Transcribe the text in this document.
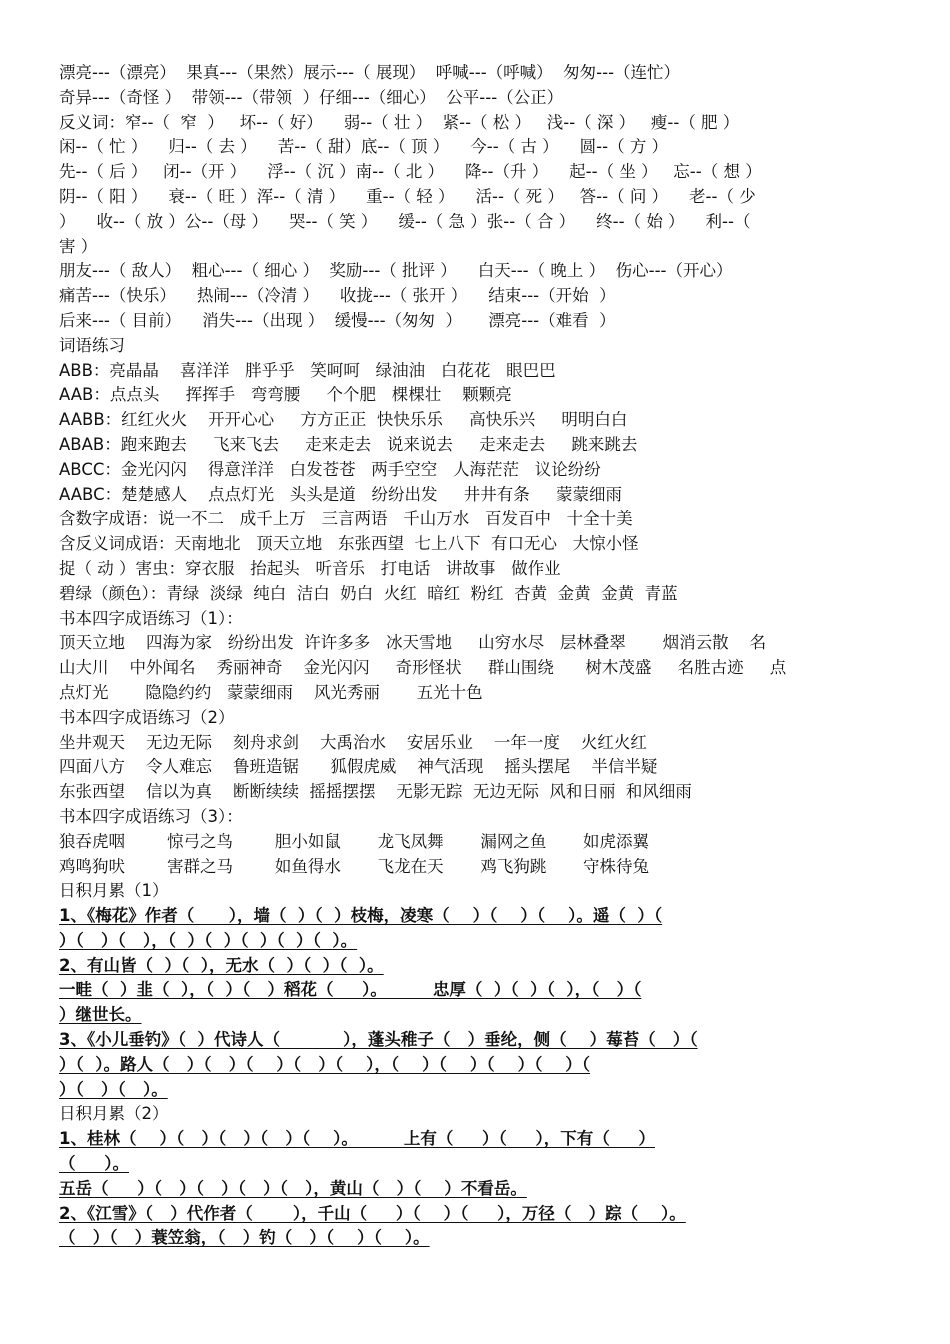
漂亮---（漂亮）  果真---（果然）展示---（ 展现）  呼喊---（呼喊）  匆匆---（连忙）
奇异---（奇怪 ）  带领---（带领  ）仔细---（细心）  公平---（公正）
反义词：窄--（  窄  ）   坏--（ 好）    弱--（ 壮 ）  紧--（ 松 ）   浅--（ 深 ）   瘦--（ 肥 ）
闲--（ 忙 ）    归--（ 去 ）    苦--（ 甜）底--（ 顶 ）    今--（ 古 ）    圆--（ 方 ）
先--（ 后 ）   闭--（开 ）    浮--（ 沉 ）南--（ 北 ）    降--（升 ）    起--（ 坐 ）   忘--（ 想 ）
阴--（ 阳 ）    衰--（ 旺 ）浑--（ 清 ）    重--（ 轻 ）    活--（ 死 ）   答--（ 问 ）    老--（ 少
）    收--（ 放 ）公--（母 ）    哭--（ 笑 ）    缓--（ 急 ）张--（ 合 ）    终--（ 始 ）    利--（
害 ）
朋友---（ 敌人）  粗心---（ 细心 ）  奖励---（ 批评 ）    白天---（ 晚上 ）  伤心---（开心）
痛苦---（快乐）    热闹---（冷清 ）    收拢---（ 张开 ）    结束---（开始  ）
后来---（ 目前）    消失---（出现 ）  缓慢---（匆匆  ）     漂亮---（难看  ）
词语练习
ABB：亮晶晶    喜洋洋   胖乎乎   笑呵呵   绿油油   白花花   眼巴巴
AAB：点点头     挥挥手   弯弯腰     个个肥   棵棵壮    颗颗亮
AABB：红红火火    开开心心     方方正正  快快乐乐     高快乐兴     明明白白
ABAB：跑来跑去     飞来飞去     走来走去   说来说去     走来走去     跳来跳去
ABCC：金光闪闪    得意洋洋   白发苍苍   两手空空   人海茫茫   议论纷纷
AABC：楚楚感人    点点灯光   头头是道   纷纷出发     井井有条     蒙蒙细雨
含数字成语：说一不二   成千上万   三言两语   千山万水   百发百中   十全十美
含反义词成语：天南地北   顶天立地   东张西望  七上八下  有口无心   大惊小怪
捉（ 动 ）害虫：穿衣服   抬起头   听音乐   打电话   讲故事   做作业
碧绿（颜色）：青绿  淡绿  纯白  洁白  奶白  火红  暗红  粉红  杏黄  金黄  金黄  青蓝
书本四字成语练习（1）：
顶天立地    四海为家   纷纷出发  许许多多   冰天雪地     山穷水尽   层林叠翠       烟消云散    名
山大川    中外闻名    秀丽神奇    金光闪闪     奇形怪状     群山围绕      树木茂盛     名胜古迹     点
点灯光       隐隐约约   蒙蒙细雨    风光秀丽       五光十色
书本四字成语练习（2）
坐井观天    无边无际    刻舟求剑    大禹治水    安居乐业    一年一度    火红火红
四面八方    令人难忘    鲁班造锯      狐假虎威    神气活现    摇头摆尾    半信半疑
东张西望    信以为真    断断续续  摇摇摆摆    无影无踪  无边无际  风和日丽  和风细雨
书本四字成语练习（3）：
狼吞虎咽        惊弓之鸟        胆小如鼠       龙飞凤舞       漏网之鱼       如虎添翼
鸡鸣狗吠        害群之马        如鱼得水       飞龙在天       鸡飞狗跳       守株待兔
日积月累（1）
1、《梅花》作者（      ），墙（  ）（  ）枝梅，凌寒（    ）（    ）（    ）。遥（  ）（
）（   ）（   ），（  ）（  ）（  ）（  ）（  ）。
2、有山皆（  ）（  ），无水（  ）（  ）（  ）。
一畦（  ）韭（  ），（  ）（   ）稻花（     ）。        忠厚（  ）（  ）（  ），（   ）（
）继世长。
3、《小儿垂钓》（  ）代诗人（           ），蓬头稚子（   ）垂纶，侧（    ）莓苔（   ）（
）（  ）。路人（   ）（   ）（    ）（   ）（    ），（    ）（    ）（    ）（    ）（
）（   ）（   ）。
日积月累（2）
1、桂林（    ）（   ）（   ）（   ）（    ）。        上有（     ）（     ），下有（     ）
（     ）。
五岳（     ）（   ）（   ）（   ）（   ），黄山（   ）（    ）不看岳。
2、《江雪》（   ）代作者（       ），千山（     ）（    ）（     ），万径（   ）踪（    ）。
（   ）（   ）蓑笠翁，（   ）钓（   ）（    ）（    ）。
